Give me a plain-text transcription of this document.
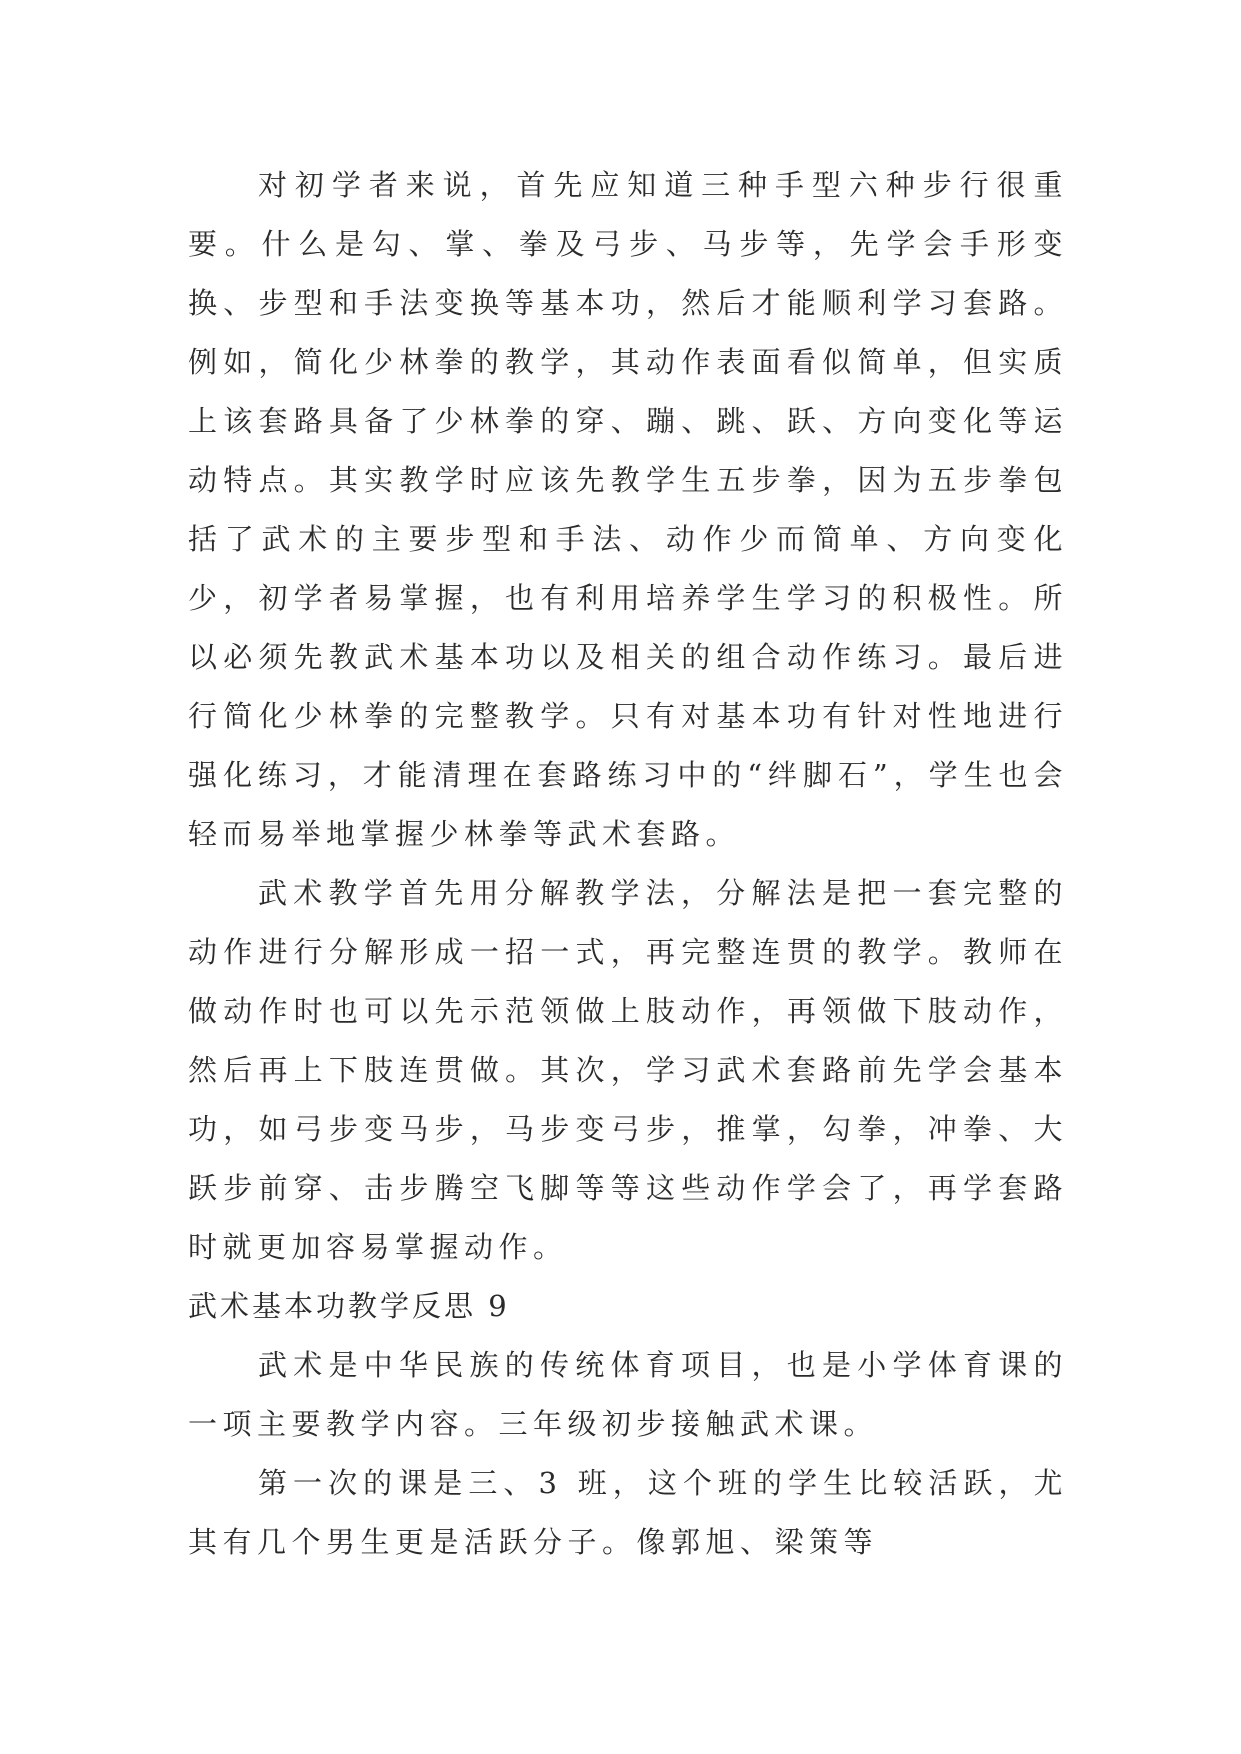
对初学者来说，首先应知道三种手型六种步行很重要。什么是勾、掌、拳及弓步、马步等，先学会手形变换、步型和手法变换等基本功，然后才能顺利学习套路。例如，简化少林拳的教学，其动作表面看似简单，但实质上该套路具备了少林拳的穿、蹦、跳、跃、方向变化等运动特点。其实教学时应该先教学生五步拳，因为五步拳包括了武术的主要步型和手法、动作少而简单、方向变化少，初学者易掌握，也有利用培养学生学习的积极性。所以必须先教武术基本功以及相关的组合动作练习。最后进行简化少林拳的完整教学。只有对基本功有针对性地进行强化练习，才能清理在套路练习中的“绊脚石”，学生也会轻而易举地掌握少林拳等武术套路。

武术教学首先用分解教学法，分解法是把一套完整的动作进行分解形成一招一式，再完整连贯的教学。教师在做动作时也可以先示范领做上肢动作，再领做下肢动作，然后再上下肢连贯做。其次，学习武术套路前先学会基本功，如弓步变马步，马步变弓步，推掌，勾拳，冲拳、大跃步前穿、击步腾空飞脚等等这些动作学会了，再学套路时就更加容易掌握动作。

武术基本功教学反思 9

武术是中华民族的传统体育项目，也是小学体育课的一项主要教学内容。三年级初步接触武术课。

第一次的课是三、3 班，这个班的学生比较活跃，尤其有几个男生更是活跃分子。像郭旭、梁策等
